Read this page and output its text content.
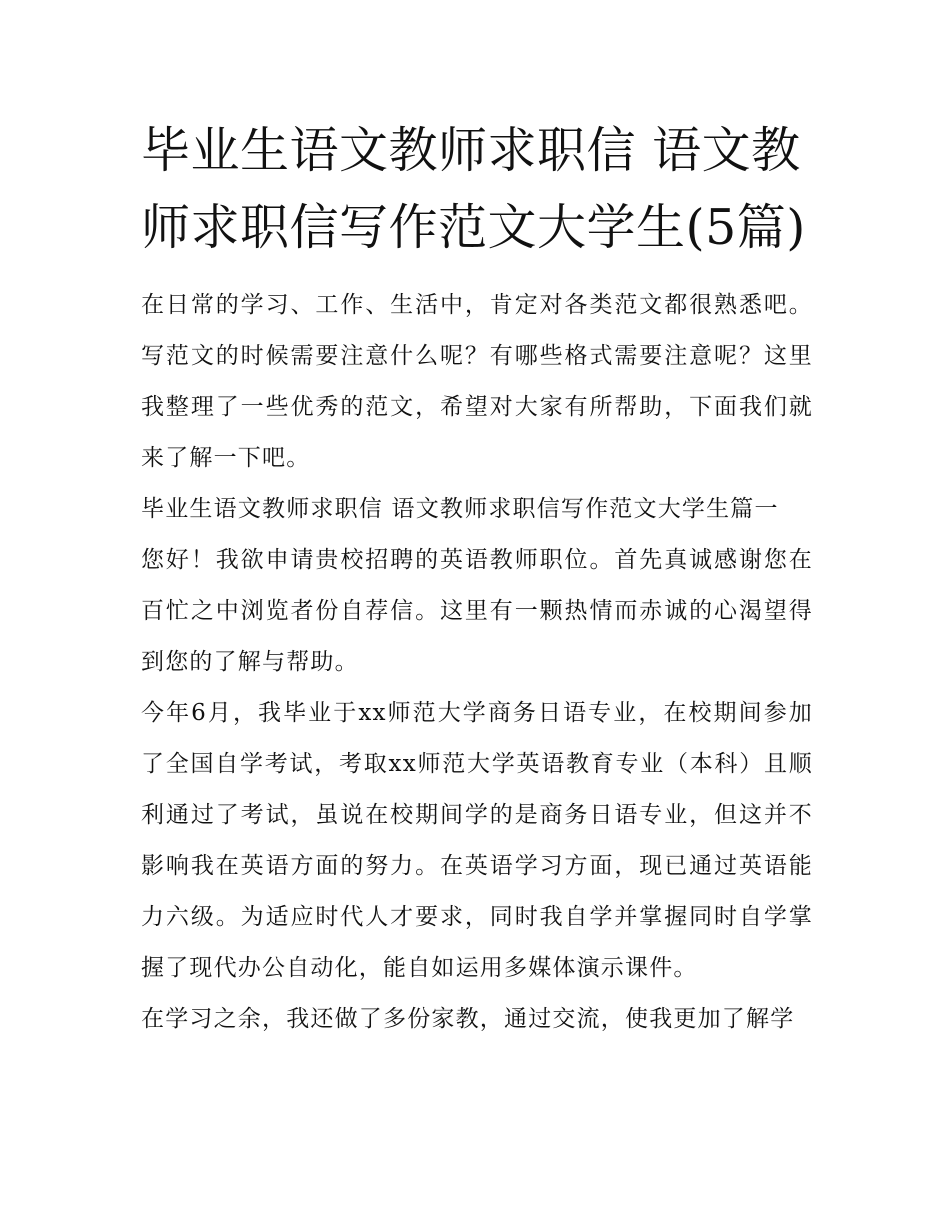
毕业生语文教师求职信 语文教师求职信写作范文大学生(5篇)

在日常的学习、工作、生活中，肯定对各类范文都很熟悉吧。写范文的时候需要注意什么呢？有哪些格式需要注意呢？这里我整理了一些优秀的范文，希望对大家有所帮助，下面我们就来了解一下吧。

毕业生语文教师求职信 语文教师求职信写作范文大学生篇一

您好！我欲申请贵校招聘的英语教师职位。首先真诚感谢您在百忙之中浏览者份自荐信。这里有一颗热情而赤诚的心渴望得到您的了解与帮助。

今年6月，我毕业于xx师范大学商务日语专业，在校期间参加了全国自学考试，考取xx师范大学英语教育专业（本科）且顺利通过了考试，虽说在校期间学的是商务日语专业，但这并不影响我在英语方面的努力。在英语学习方面，现已通过英语能力六级。为适应时代人才要求，同时我自学并掌握同时自学掌握了现代办公自动化，能自如运用多媒体演示课件。

在学习之余，我还做了多份家教，通过交流，使我更加了解学
